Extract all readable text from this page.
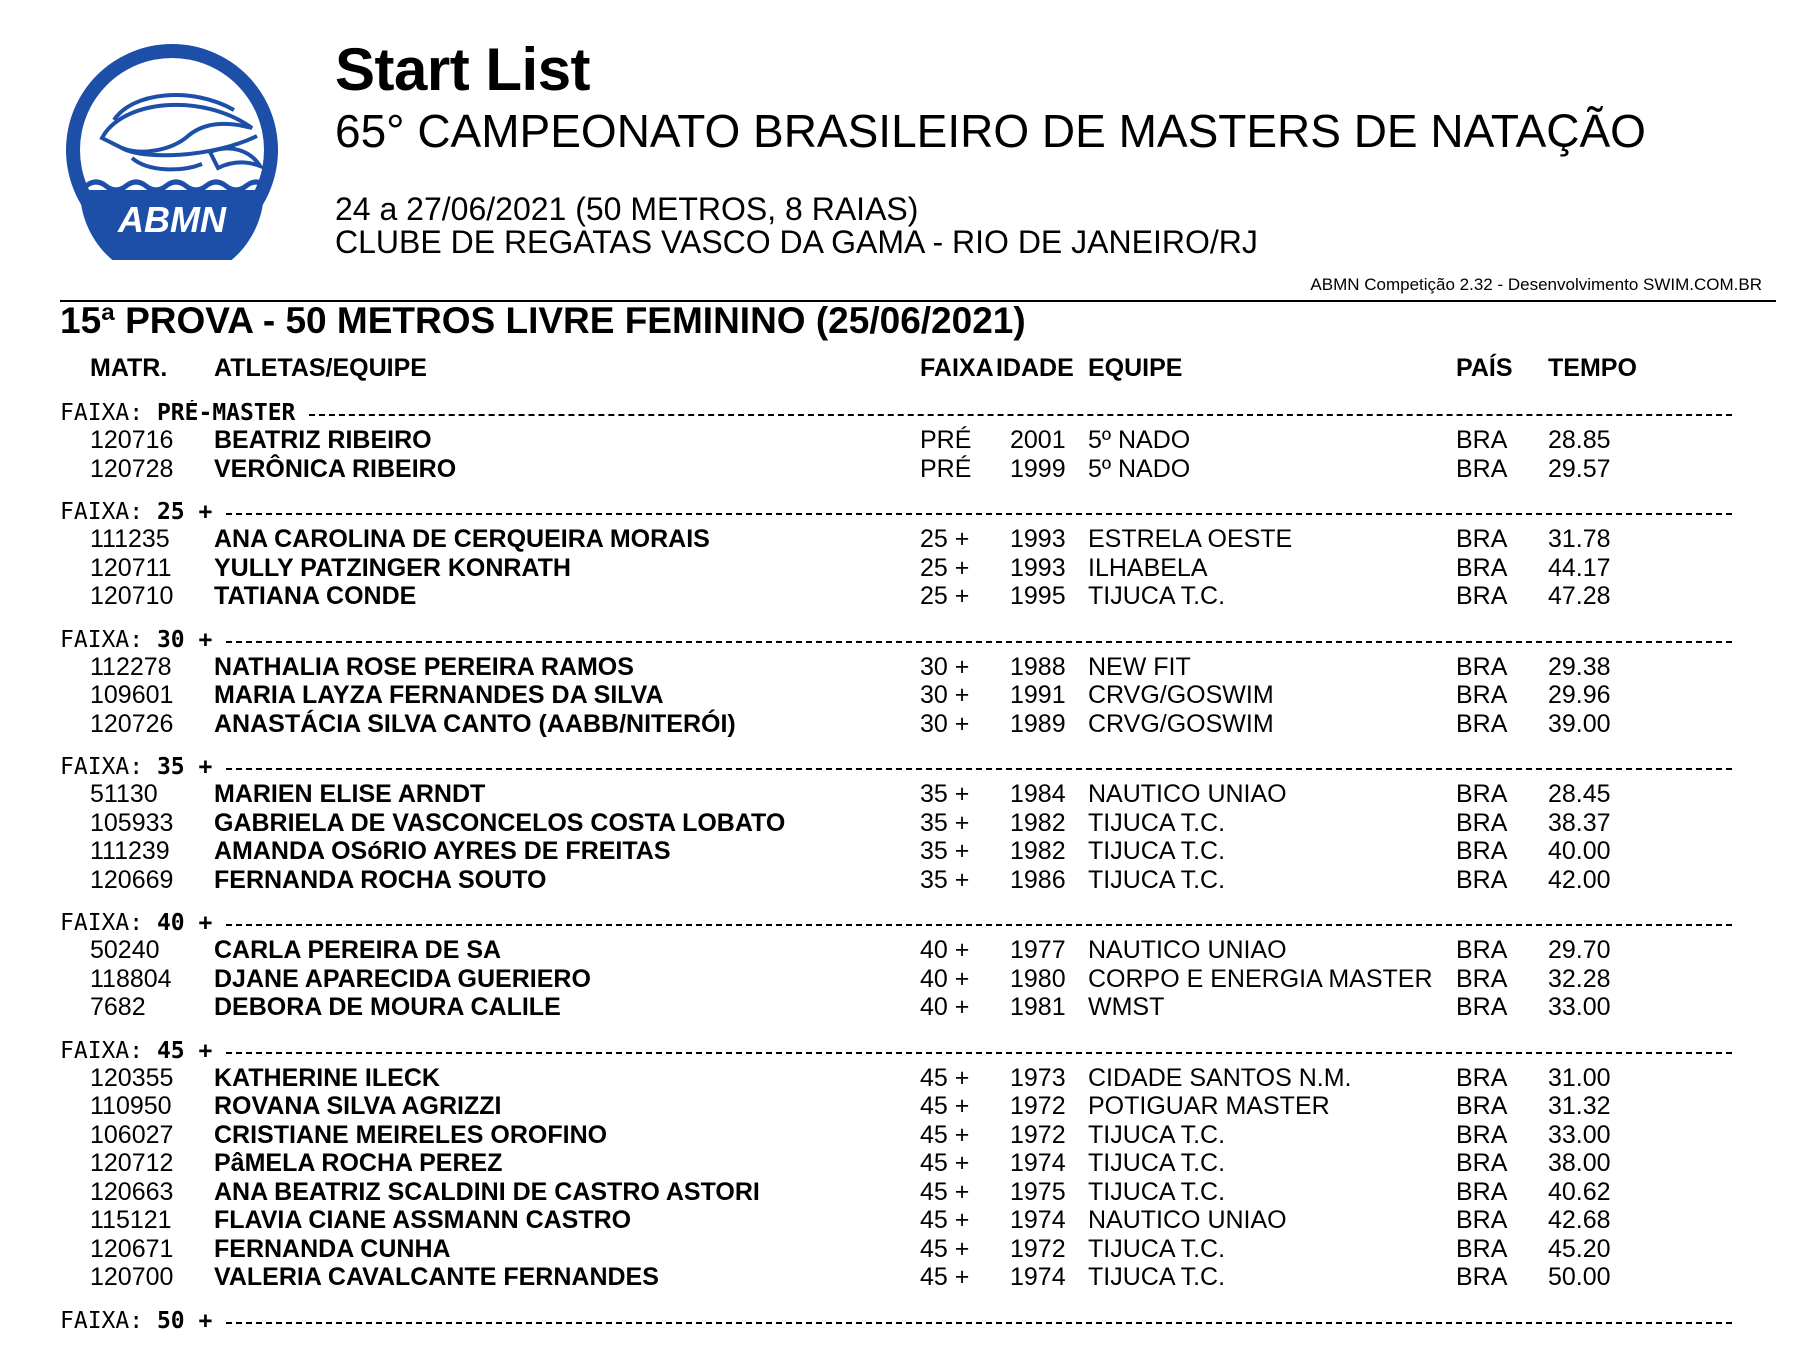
ABMN
Start List
65° CAMPEONATO BRASILEIRO DE MASTERS DE NATAÇÃO
24 a 27/06/2021 (50 METROS, 8 RAIAS)
CLUBE DE REGATAS VASCO DA GAMA - RIO DE JANEIRO/RJ
ABMN Competição 2.32 - Desenvolvimento SWIM.COM.BR
15ª PROVA - 50 METROS LIVRE FEMININO (25/06/2021)
MATR. ATLETAS/EQUIPE	FAIXA IDADE EQUIPE	PAÍS TEMPO
FAIXA: PRÉ-MASTER
120716 BEATRIZ RIBEIRO	PRÉ 2001 5º NADO	BRA 28.85
120728 VERÔNICA RIBEIRO	PRÉ 1999 5º NADO	BRA 29.57
FAIXA: 25 +
111235 ANA CAROLINA DE CERQUEIRA MORAIS	25 + 1993 ESTRELA OESTE	BRA 31.78
120711 YULLY PATZINGER KONRATH	25 + 1993 ILHABELA	BRA 44.17
120710 TATIANA CONDE	25 + 1995 TIJUCA T.C.	BRA 47.28
FAIXA: 30 +
112278 NATHALIA ROSE PEREIRA RAMOS	30 + 1988 NEW FIT	BRA 29.38
109601 MARIA LAYZA FERNANDES DA SILVA	30 + 1991 CRVG/GOSWIM	BRA 29.96
120726 ANASTÁCIA SILVA CANTO (AABB/NITERÓI)	30 + 1989 CRVG/GOSWIM	BRA 39.00
FAIXA: 35 +
51130 MARIEN ELISE ARNDT	35 + 1984 NAUTICO UNIAO	BRA 28.45
105933 GABRIELA DE VASCONCELOS COSTA LOBATO	35 + 1982 TIJUCA T.C.	BRA 38.37
111239 AMANDA OSóRIO AYRES DE FREITAS	35 + 1982 TIJUCA T.C.	BRA 40.00
120669 FERNANDA ROCHA SOUTO	35 + 1986 TIJUCA T.C.	BRA 42.00
FAIXA: 40 +
50240 CARLA PEREIRA DE SA	40 + 1977 NAUTICO UNIAO	BRA 29.70
118804 DJANE APARECIDA GUERIERO	40 + 1980 CORPO E ENERGIA MASTER BRA 32.28
7682	DEBORA DE MOURA CALILE	40 + 1981 WMST	BRA 33.00
FAIXA: 45 +
120355 KATHERINE ILECK	45 + 1973 CIDADE SANTOS N.M.	BRA 31.00
110950 ROVANA SILVA AGRIZZI	45 + 1972 POTIGUAR MASTER	BRA 31.32
106027 CRISTIANE MEIRELES OROFINO	45 + 1972 TIJUCA T.C.	BRA 33.00
120712 PâMELA ROCHA PEREZ	45 + 1974 TIJUCA T.C.	BRA 38.00
120663 ANA BEATRIZ SCALDINI DE CASTRO ASTORI	45 + 1975 TIJUCA T.C.	BRA 40.62
115121 FLAVIA CIANE ASSMANN CASTRO	45 + 1974 NAUTICO UNIAO	BRA 42.68
120671 FERNANDA CUNHA	45 + 1972 TIJUCA T.C.	BRA 45.20
120700 VALERIA CAVALCANTE FERNANDES	45 + 1974 TIJUCA T.C.	BRA 50.00
FAIXA: 50 +
